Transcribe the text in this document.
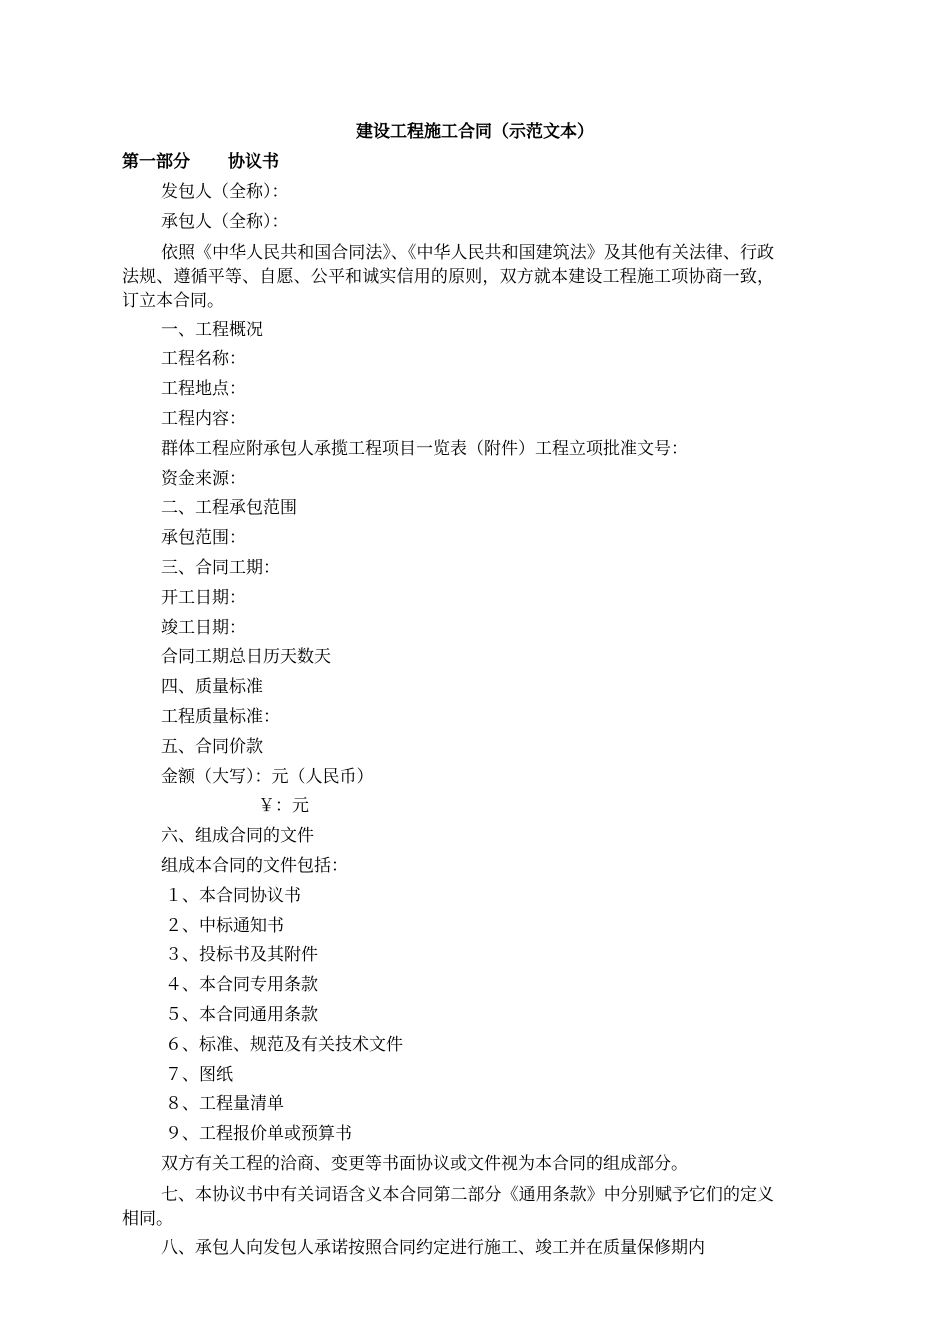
建设工程施工合同（示范文本）
第一部分 协议书

发包人（全称）：

承包人（全称）：

依照《中华人民共和国合同法》、《中华人民共和国建筑法》及其他有关法律、行政法规、遵循平等、自愿、公平和诚实信用的原则，双方就本建设工程施工项协商一致，订立本合同。

一、工程概况

工程名称：

工程地点：

工程内容：

群体工程应附承包人承揽工程项目一览表（附件）工程立项批准文号：

资金来源：

二、工程承包范围

承包范围：

三、合同工期：

开工日期：

竣工日期：

合同工期总日历天数天

四、质量标准

工程质量标准：

五、合同价款

金额（大写）：元（人民币）

￥：元

六、组成合同的文件

组成本合同的文件包括：

１、本合同协议书

２、中标通知书

３、投标书及其附件

４、本合同专用条款

５、本合同通用条款

６、标准、规范及有关技术文件

７、图纸

８、工程量清单

９、工程报价单或预算书

双方有关工程的洽商、变更等书面协议或文件视为本合同的组成部分。

七、本协议书中有关词语含义本合同第二部分《通用条款》中分别赋予它们的定义相同。

八、承包人向发包人承诺按照合同约定进行施工、竣工并在质量保修期内
